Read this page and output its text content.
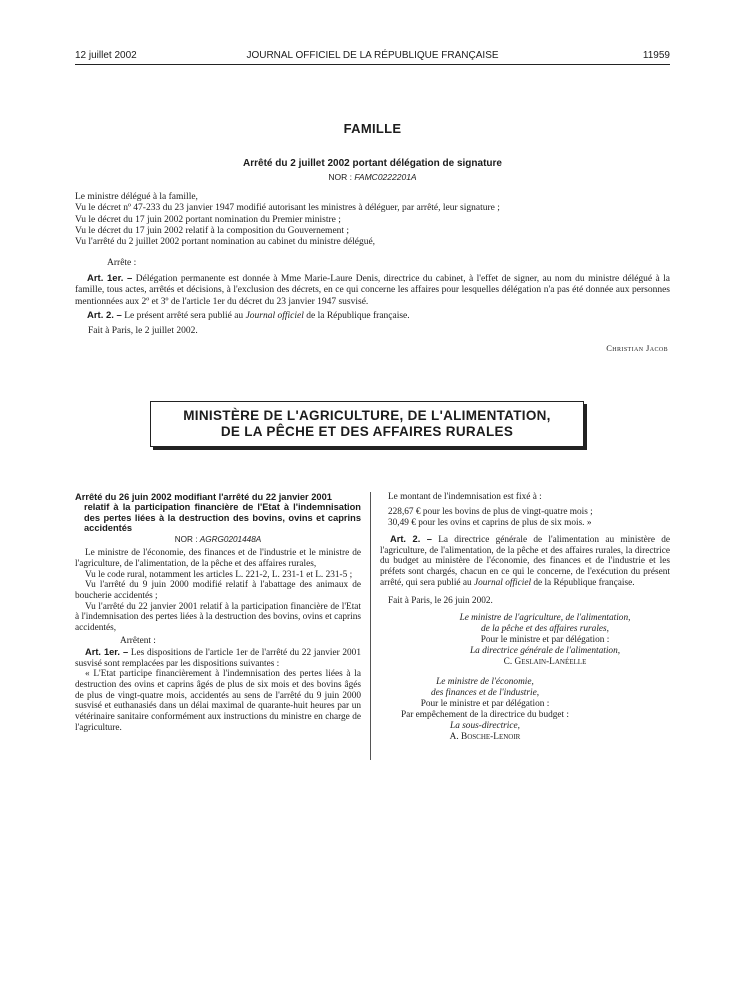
12 juillet 2002	JOURNAL OFFICIEL DE LA RÉPUBLIQUE FRANÇAISE	11959
FAMILLE
Arrêté du 2 juillet 2002 portant délégation de signature
NOR : FAMC0222201A
Le ministre délégué à la famille,
Vu le décret nº 47-233 du 23 janvier 1947 modifié autorisant les ministres à déléguer, par arrêté, leur signature ;
Vu le décret du 17 juin 2002 portant nomination du Premier ministre ;
Vu le décret du 17 juin 2002 relatif à la composition du Gouvernement ;
Vu l'arrêté du 2 juillet 2002 portant nomination au cabinet du ministre délégué,
Arrête :
Art. 1er. – Délégation permanente est donnée à Mme Marie-Laure Denis, directrice du cabinet, à l'effet de signer, au nom du ministre délégué à la famille, tous actes, arrêtés et décisions, à l'exclusion des décrets, en ce qui concerne les affaires pour lesquelles délégation n'a pas été donnée aux personnes mentionnées aux 2º et 3º de l'article 1er du décret du 23 janvier 1947 susvisé.
Art. 2. – Le présent arrêté sera publié au Journal officiel de la République française.
Fait à Paris, le 2 juillet 2002.
Christian Jacob
MINISTÈRE DE L'AGRICULTURE, DE L'ALIMENTATION,
DE LA PÊCHE ET DES AFFAIRES RURALES
Arrêté du 26 juin 2002 modifiant l'arrêté du 22 janvier 2001
relatif à la participation financière de l'Etat à l'indemnisation des pertes liées à la destruction des bovins, ovins et caprins accidentés
NOR : AGRG0201448A
Le ministre de l'économie, des finances et de l'industrie et le ministre de l'agriculture, de l'alimentation, de la pêche et des affaires rurales,
Vu le code rural, notamment les articles L. 221-2, L. 231-1 et L. 231-5 ;
Vu l'arrêté du 9 juin 2000 modifié relatif à l'abattage des animaux de boucherie accidentés ;
Vu l'arrêté du 22 janvier 2001 relatif à la participation financière de l'Etat à l'indemnisation des pertes liées à la destruction des bovins, ovins et caprins accidentés,
Arrêtent :
Art. 1er. – Les dispositions de l'article 1er de l'arrêté du 22 janvier 2001 susvisé sont remplacées par les dispositions suivantes :
« L'Etat participe financièrement à l'indemnisation des pertes liées à la destruction des ovins et caprins âgés de plus de six mois et des bovins âgés de plus de vingt-quatre mois, accidentés au sens de l'arrêté du 9 juin 2000 susvisé et euthanasiés dans un délai maximal de quarante-huit heures par un vétérinaire sanitaire conformément aux instructions du ministre en charge de l'agriculture.
Le montant de l'indemnisation est fixé à :
228,67 € pour les bovins de plus de vingt-quatre mois ;
30,49 € pour les ovins et caprins de plus de six mois. »
Art. 2. – La directrice générale de l'alimentation au ministère de l'agriculture, de l'alimentation, de la pêche et des affaires rurales, la directrice du budget au ministère de l'économie, des finances et de l'industrie et les préfets sont chargés, chacun en ce qui le concerne, de l'exécution du présent arrêté, qui sera publié au Journal officiel de la République française.
Fait à Paris, le 26 juin 2002.
Le ministre de l'agriculture, de l'alimentation,
de la pêche et des affaires rurales,
Pour le ministre et par délégation :
La directrice générale de l'alimentation,
C. Geslain-Lanéelle
Le ministre de l'économie,
des finances et de l'industrie,
Pour le ministre et par délégation :
Par empêchement de la directrice du budget :
La sous-directrice,
A. Bosche-Lenoir
